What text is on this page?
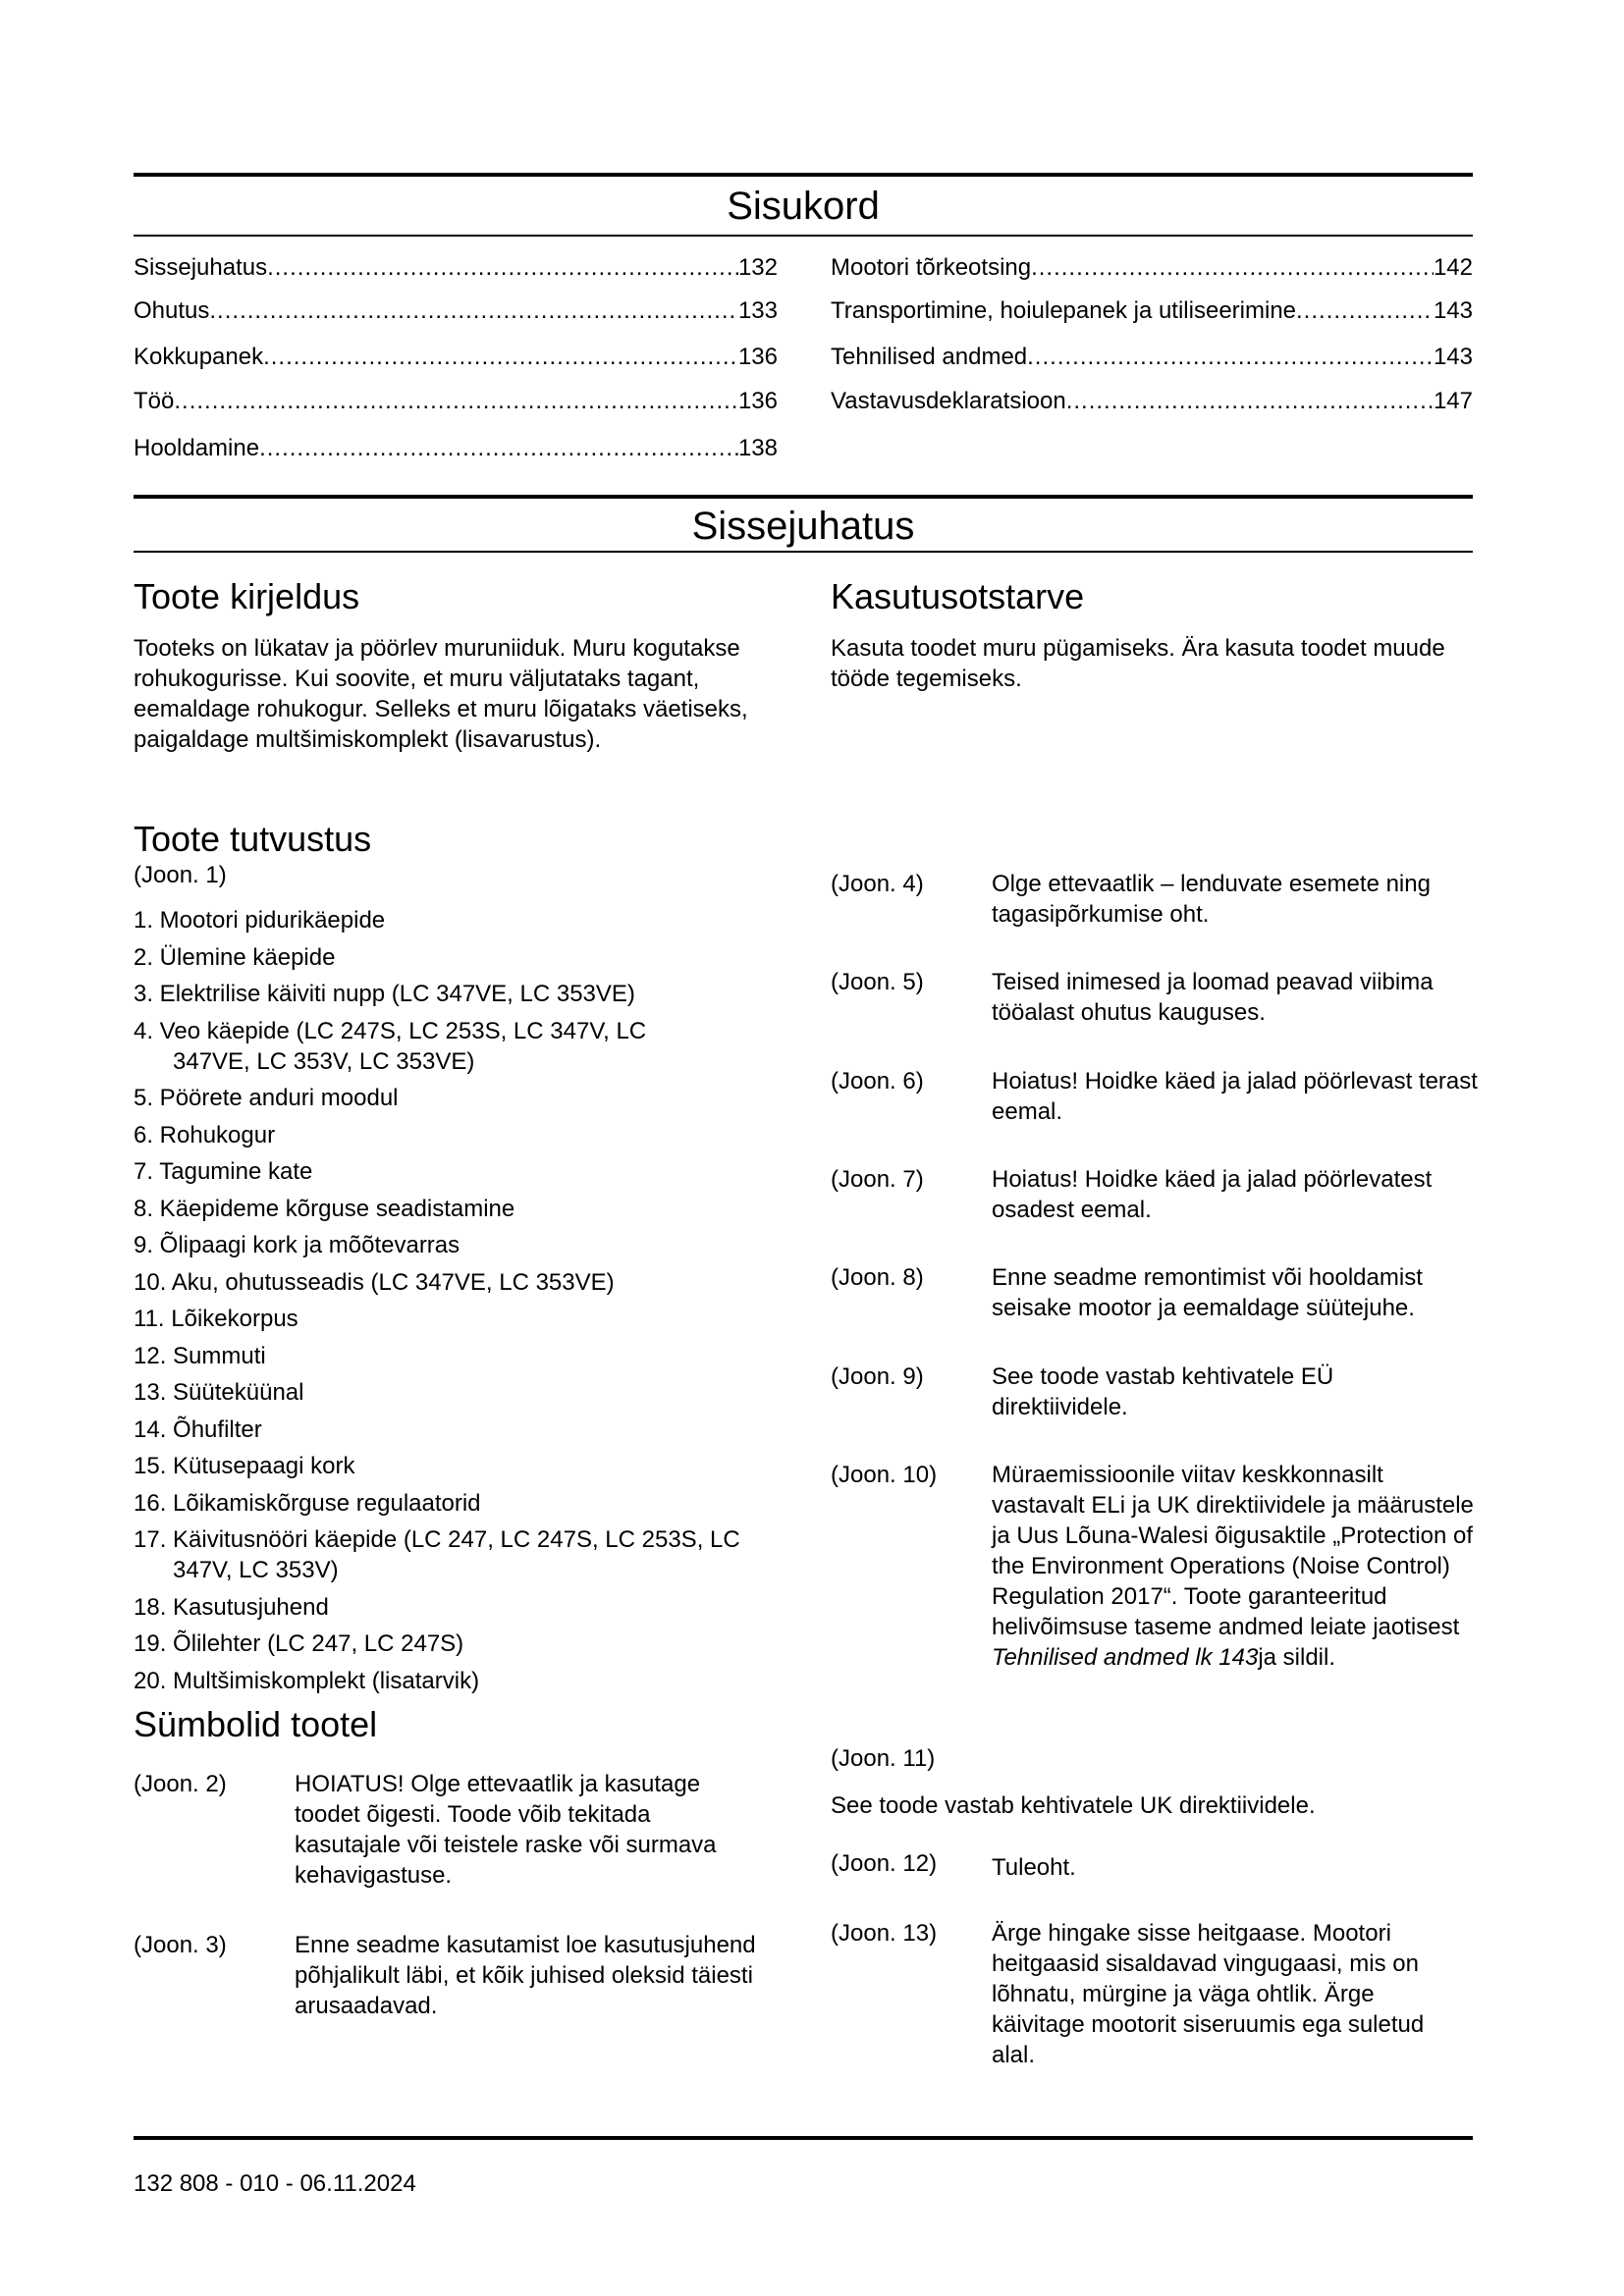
Sisukord
Sissejuhatus .....	132
Ohutus .....	133
Kokkupanek .....	136
Töö .....	136
Hooldamine .....	138
Mootori tõrkeotsing .....	142
Transportimine, hoiulepanek ja utiliseerimine .....	143
Tehnilised andmed .....	143
Vastavusdeklaratsioon .....	147
Sissejuhatus
Toote kirjeldus

Tooteks on lükatav ja pöörlev muruniiduk. Muru kogutakse rohukogurisse. Kui soovite, et muru väljutataks tagant, eemaldage rohukogur. Selleks et muru lõigataks väetiseks, paigaldage multšimiskomplekt (lisavarustus).

Kasutusotstarve

Kasuta toodet muru pügamiseks. Ära kasuta toodet muude tööde tegemiseks.

Toote tutvustus
(Joon. 1)
1. Mootori pidurikäepide
2. Ülemine käepide
3. Elektrilise käiviti nupp (LC 347VE, LC 353VE)
4. Veo käepide (LC 247S, LC 253S, LC 347V, LC 347VE, LC 353V, LC 353VE)
5. Pöörete anduri moodul
6. Rohukogur
7. Tagumine kate
8. Käepideme kõrguse seadistamine
9. Õlipaagi kork ja mõõtevarras
10. Aku, ohutusseadis (LC 347VE, LC 353VE)
11. Lõikekorpus
12. Summuti
13. Süüteküünal
14. Õhufilter
15. Kütusepaagi kork
16. Lõikamiskõrguse regulaatorid
17. Käivitusnööri käepide (LC 247, LC 247S, LC 253S, LC 347V, LC 353V)
18. Kasutusjuhend
19. Õlilehter (LC 247, LC 247S)
20. Multšimiskomplekt (lisatarvik)
Sümbolid tootel
(Joon. 2)	HOIATUS! Olge ettevaatlik ja kasutage toodet õigesti. Toode võib tekitada kasutajale või teistele raske või surmava kehavigastuse.
(Joon. 3)	Enne seadme kasutamist loe kasutusjuhend põhjalikult läbi, et kõik juhised oleksid täiesti arusaadavad.
(Joon. 4)	Olge ettevaatlik – lenduvate esemete ning tagasipõrkumise oht.
(Joon. 5)	Teised inimesed ja loomad peavad viibima tööalast ohutus kauguses.
(Joon. 6)	Hoiatus! Hoidke käed ja jalad pöörlevast terast eemal.
(Joon. 7)	Hoiatus! Hoidke käed ja jalad pöörlevatest osadest eemal.
(Joon. 8)	Enne seadme remontimist või hooldamist seisake mootor ja eemaldage süütejuhe.
(Joon. 9)	See toode vastab kehtivatele EÜ direktiividele.
(Joon. 10) Müraemissioonile viitav keskkonnasilt vastavalt ELi ja UK direktiividele ja määrustele ja Uus Lõuna-Walesi õigusaktile „Protection of the Environment Operations (Noise Control) Regulation 2017“. Toote garanteeritud helivõimsuse taseme andmed leiate jaotisest Tehnilised andmed lk 143ja sildil.
(Joon. 11)
See toode vastab kehtivatele UK direktiividele.
(Joon. 12) Tuleoht.
(Joon. 13) Ärge hingake sisse heitgaase. Mootori heitgaasid sisaldavad vingugaasi, mis on lõhnatu, mürgine ja väga ohtlik. Ärge käivitage mootorit siseruumis ega suletud alal.
132 808 - 010 - 06.11.2024
